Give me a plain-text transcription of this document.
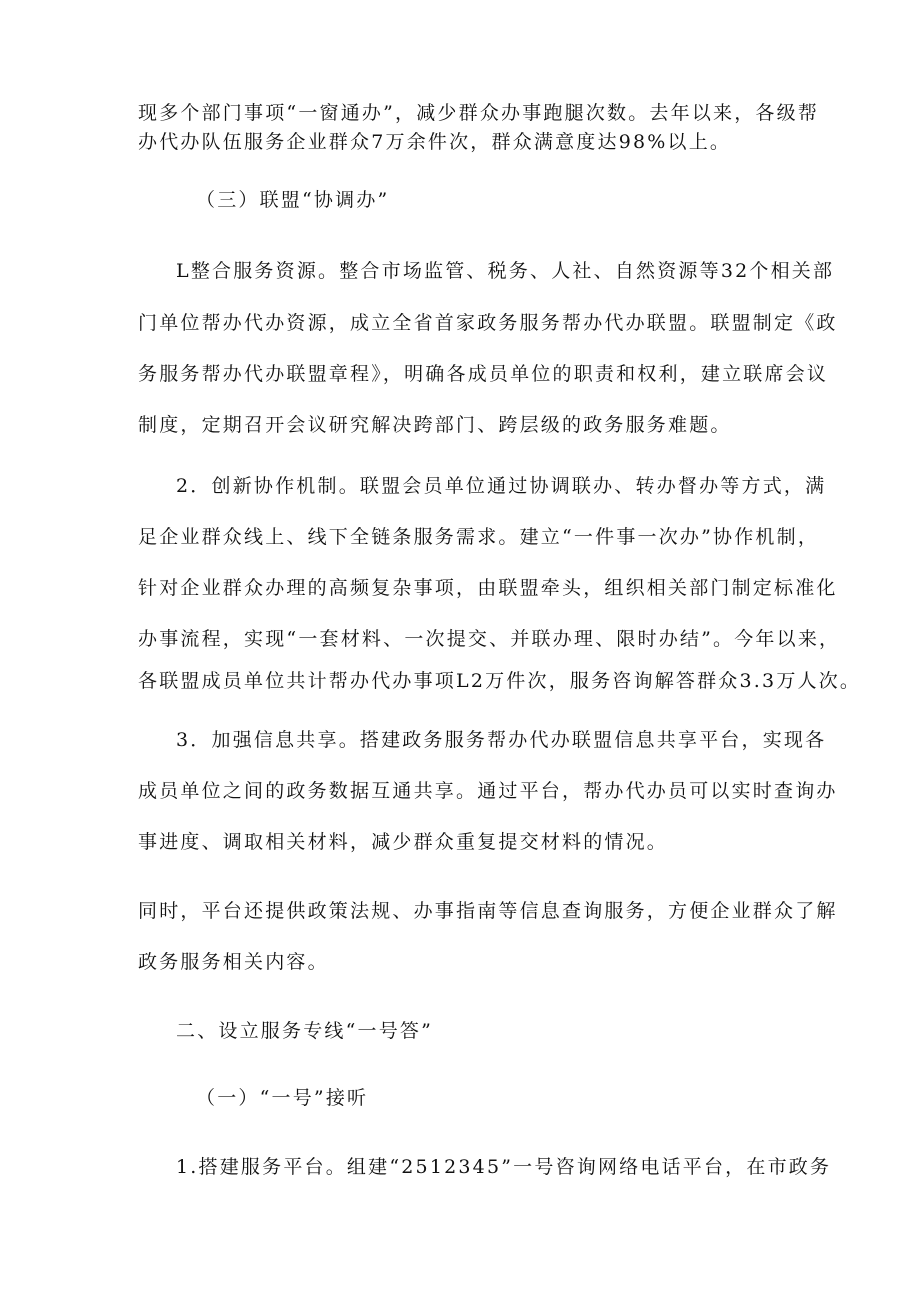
现多个部门事项“一窗通办”，减少群众办事跑腿次数。去年以来，各级帮
办代办队伍服务企业群众7万余件次，群众满意度达98%以上。
（三）联盟“协调办”
L整合服务资源。整合市场监管、税务、人社、自然资源等32个相关部
门单位帮办代办资源，成立全省首家政务服务帮办代办联盟。联盟制定《政
务服务帮办代办联盟章程》，明确各成员单位的职责和权利，建立联席会议
制度，定期召开会议研究解决跨部门、跨层级的政务服务难题。
2．创新协作机制。联盟会员单位通过协调联办、转办督办等方式，满
足企业群众线上、线下全链条服务需求。建立“一件事一次办”协作机制，
针对企业群众办理的高频复杂事项，由联盟牵头，组织相关部门制定标准化
办事流程，实现“一套材料、一次提交、并联办理、限时办结”。今年以来，
各联盟成员单位共计帮办代办事项L2万件次，服务咨询解答群众3.3万人次。
3．加强信息共享。搭建政务服务帮办代办联盟信息共享平台，实现各
成员单位之间的政务数据互通共享。通过平台，帮办代办员可以实时查询办
事进度、调取相关材料，减少群众重复提交材料的情况。
同时，平台还提供政策法规、办事指南等信息查询服务，方便企业群众了解
政务服务相关内容。
二、设立服务专线“一号答”
（一）“一号”接听
1.搭建服务平台。组建“2512345”一号咨询网络电话平台，在市政务
